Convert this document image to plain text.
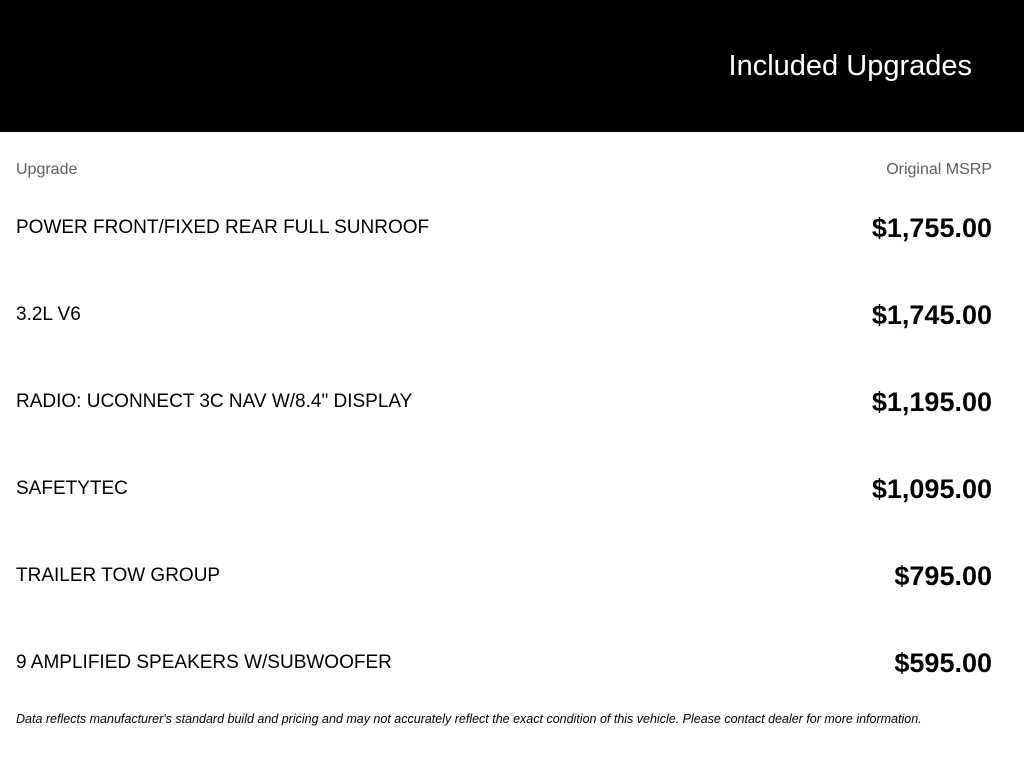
Included Upgrades
Upgrade	Original MSRP
POWER FRONT/FIXED REAR FULL SUNROOF	$1,755.00
3.2L V6	$1,745.00
RADIO: UCONNECT 3C NAV W/8.4" DISPLAY	$1,195.00
SAFETYTEC	$1,095.00
TRAILER TOW GROUP	$795.00
9 AMPLIFIED SPEAKERS W/SUBWOOFER	$595.00
Data reflects manufacturer's standard build and pricing and may not accurately reflect the exact condition of this vehicle. Please contact dealer for more information.
